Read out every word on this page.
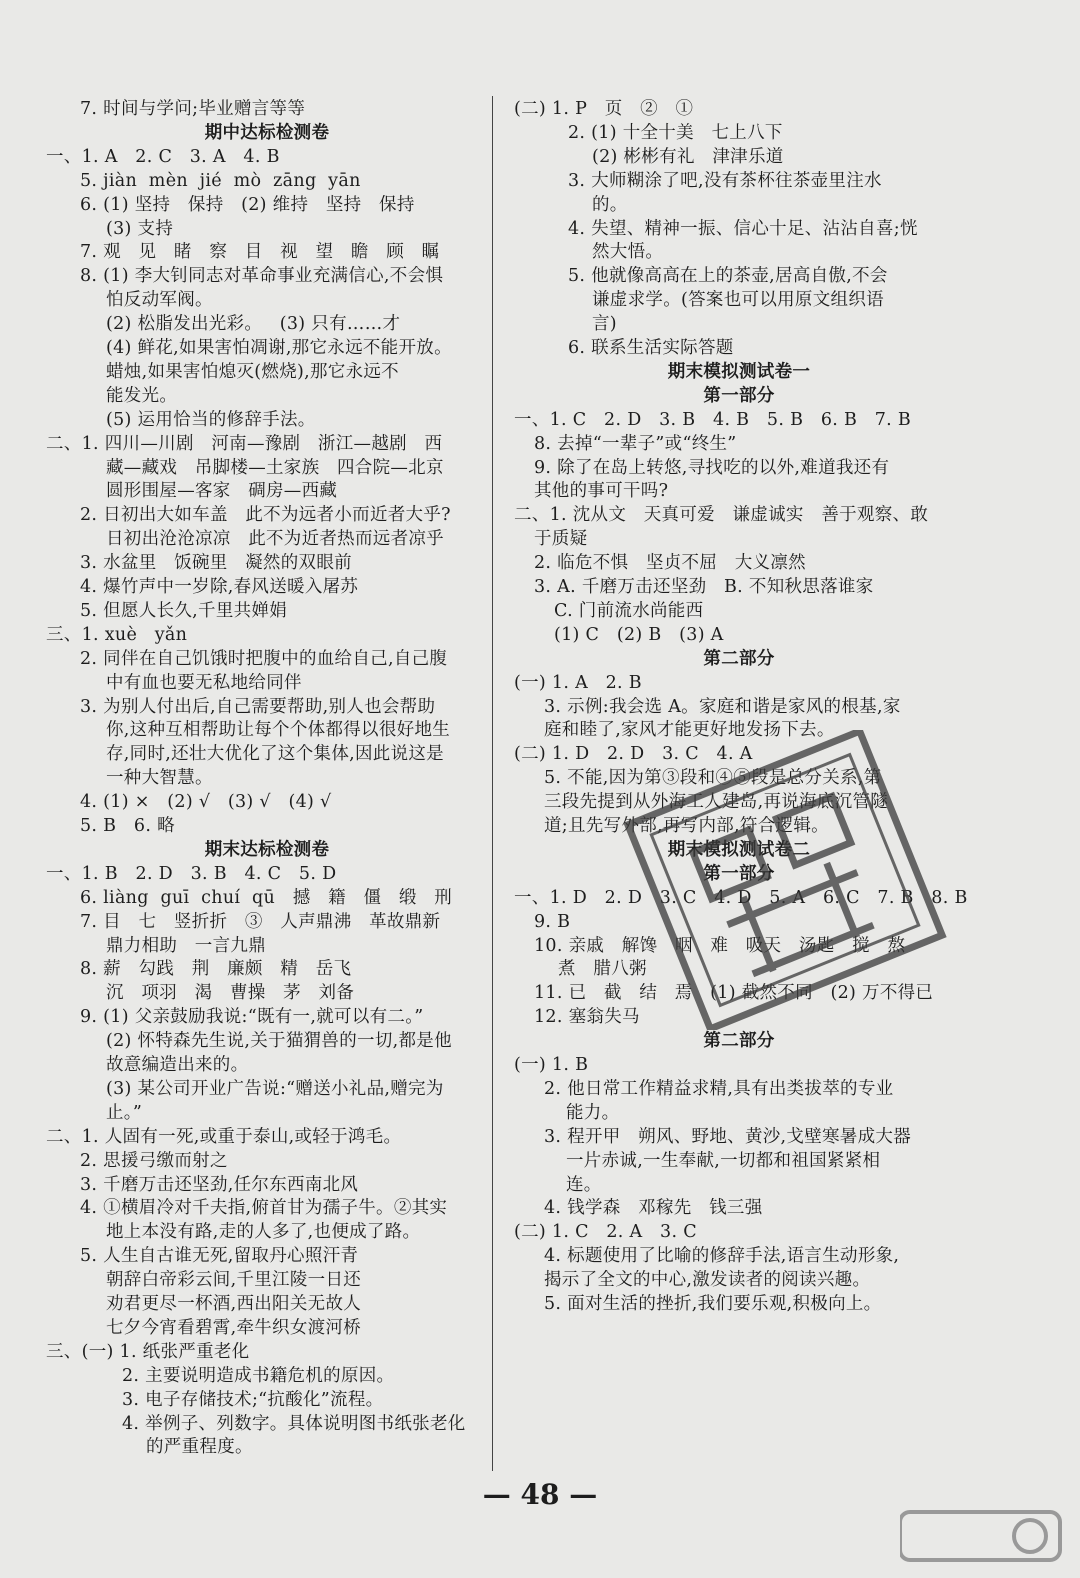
7. 时间与学问;毕业赠言等等
期中达标检测卷
一、1. A   2. C   3. A   4. B
5. jiàn  mèn  jié  mò  zāng  yān
6. (1) 坚持   保持   (2) 维持   坚持   保持
(3) 支持
7. 观   见   睹   察   目   视   望   瞻   顾   瞩
8. (1) 李大钊同志对革命事业充满信心,不会惧
怕反动军阀。
(2) 松脂发出光彩。   (3) 只有……才
(4) 鲜花,如果害怕凋谢,那它永远不能开放。
蜡烛,如果害怕熄灭(燃烧),那它永远不
能发光。
(5) 运用恰当的修辞手法。
二、1. 四川—川剧   河南—豫剧   浙江—越剧   西
藏—藏戏   吊脚楼—土家族   四合院—北京
圆形围屋—客家   碉房—西藏
2. 日初出大如车盖   此不为远者小而近者大乎?
日初出沧沧凉凉   此不为近者热而远者凉乎
3. 水盆里   饭碗里   凝然的双眼前
4. 爆竹声中一岁除,春风送暖入屠苏
5. 但愿人长久,千里共婵娟
三、1. xuè   yǎn
2. 同伴在自己饥饿时把腹中的血给自己,自己腹
中有血也要无私地给同伴
3. 为别人付出后,自己需要帮助,别人也会帮助
你,这种互相帮助让每个个体都得以很好地生
存,同时,还壮大优化了这个集体,因此说这是
一种大智慧。
4. (1) ×   (2) √   (3) √   (4) √
5. B   6. 略
期末达标检测卷
一、1. B   2. D   3. B   4. C   5. D
6. liàng  guī  chuí  qū   撼   籍   僵   缎   刑
7. 目   七   竖折折   ③   人声鼎沸   革故鼎新
鼎力相助   一言九鼎
8. 薪   勾践   荆   廉颇   精   岳飞
沉   项羽   渴   曹操   茅   刘备
9. (1) 父亲鼓励我说:“既有一,就可以有二。”
(2) 怀特森先生说,关于猫猬兽的一切,都是他
故意编造出来的。
(3) 某公司开业广告说:“赠送小礼品,赠完为
止。”
二、1. 人固有一死,或重于泰山,或轻于鸿毛。
2. 思援弓缴而射之
3. 千磨万击还坚劲,任尔东西南北风
4. ①横眉冷对千夫指,俯首甘为孺子牛。②其实
地上本没有路,走的人多了,也便成了路。
5. 人生自古谁无死,留取丹心照汗青
朝辞白帝彩云间,千里江陵一日还
劝君更尽一杯酒,西出阳关无故人
七夕今宵看碧霄,牵牛织女渡河桥
三、(一) 1. 纸张严重老化
2. 主要说明造成书籍危机的原因。
3. 电子存储技术;“抗酸化”流程。
4. 举例子、列数字。具体说明图书纸张老化
的严重程度。
(二) 1. P   页   ②   ①
2. (1) 十全十美   七上八下
(2) 彬彬有礼   津津乐道
3. 大师糊涂了吧,没有茶杯往茶壶里注水
的。
4. 失望、精神一振、信心十足、沾沾自喜;恍
然大悟。
5. 他就像高高在上的茶壶,居高自傲,不会
谦虚求学。(答案也可以用原文组织语
言)
6. 联系生活实际答题
期末模拟测试卷一
第一部分
一、1. C   2. D   3. B   4. B   5. B   6. B   7. B
8. 去掉“一辈子”或“终生”
9. 除了在岛上转悠,寻找吃的以外,难道我还有
其他的事可干吗?
二、1. 沈从文   天真可爱   谦虚诚实   善于观察、敢
于质疑
2. 临危不惧   坚贞不屈   大义凛然
3. A. 千磨万击还坚劲   B. 不知秋思落谁家
C. 门前流水尚能西
(1) C   (2) B   (3) A
第二部分
(一) 1. A   2. B
3. 示例:我会选 A。家庭和谐是家风的根基,家
庭和睦了,家风才能更好地发扬下去。
(二) 1. D   2. D   3. C   4. A
5. 不能,因为第③段和④⑤段是总分关系,第
三段先提到从外海工人建岛,再说海底沉管隧
道;且先写外部,再写内部,符合逻辑。
期末模拟测试卷二
第一部分
一、1. D   2. D   3. C   4. D   5. A   6. C   7. B   8. B
9. B
10. 亲戚   解馋   咽   难   吸天   汤匙   搅   熬
煮   腊八粥
11. 已   截   结   焉   (1) 截然不同   (2) 万不得已
12. 塞翁失马
第二部分
(一) 1. B
2. 他日常工作精益求精,具有出类拔萃的专业
能力。
3. 程开甲   朔风、野地、黄沙,戈壁寒暑成大器
一片赤诚,一生奉献,一切都和祖国紧紧相
连。
4. 钱学森   邓稼先   钱三强
(二) 1. C   2. A   3. C
4. 标题使用了比喻的修辞手法,语言生动形象,
揭示了全文的中心,激发读者的阅读兴趣。
5. 面对生活的挫折,我们要乐观,积极向上。
— 48 —
